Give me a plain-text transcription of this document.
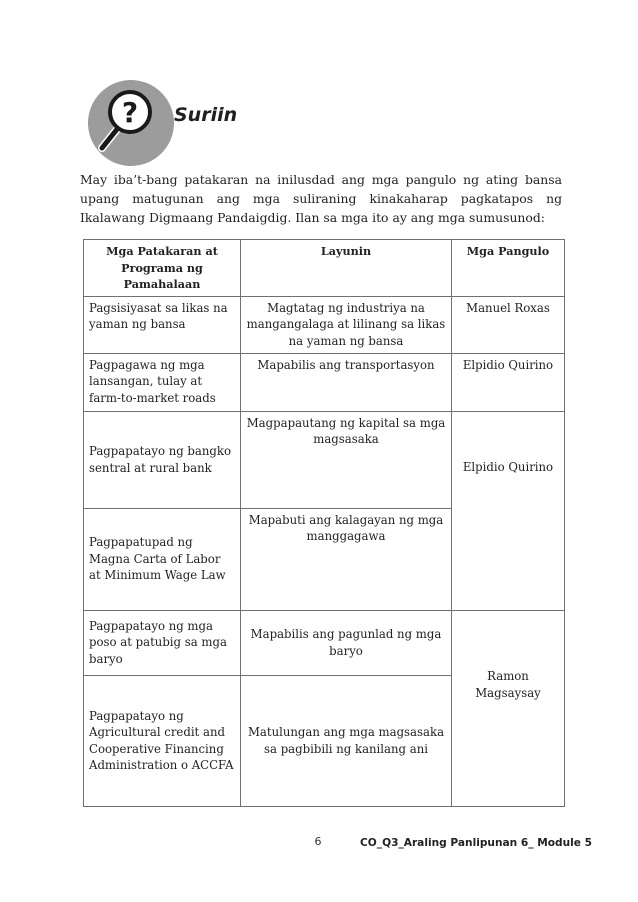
? Suriin
May iba’t-bang patakaran na inilusdad ang mga pangulo ng ating bansa upang matugunan ang mga suliraning kinakaharap pagkatapos ng Ikalawang Digmaang Pandaigdig. Ilan sa mga ito ay ang mga sumusunod:
Mga Patakaran at Programa ng Pamahalaan	Layunin	Mga Pangulo
Pagsisiyasat sa likas na yaman ng bansa	Magtatag ng industriya na mangangalaga at lilinang sa likas na yaman ng bansa	Manuel Roxas
Pagpagawa ng mga lansangan, tulay at farm-to-market roads	Mapabilis ang transportasyon	Elpidio Quirino
Pagpapatayo ng bangko sentral at rural bank	Magpapautang ng kapital sa mga magsasaka	Elpidio Quirino
Pagpapatupad ng Magna Carta of Labor at Minimum Wage Law	Mapabuti ang kalagayan ng mga manggagawa	
Pagpapatayo ng mga poso at patubig sa mga baryo	Mapabilis ang pagunlad ng mga baryo	Ramon Magsaysay
Pagpapatayo ng Agricultural credit and Cooperative Financing Administration o ACCFA	Matulungan ang mga magsasaka sa pagbibili ng kanilang ani	
6	CO_Q3_Araling Panlipunan 6_ Module 5
